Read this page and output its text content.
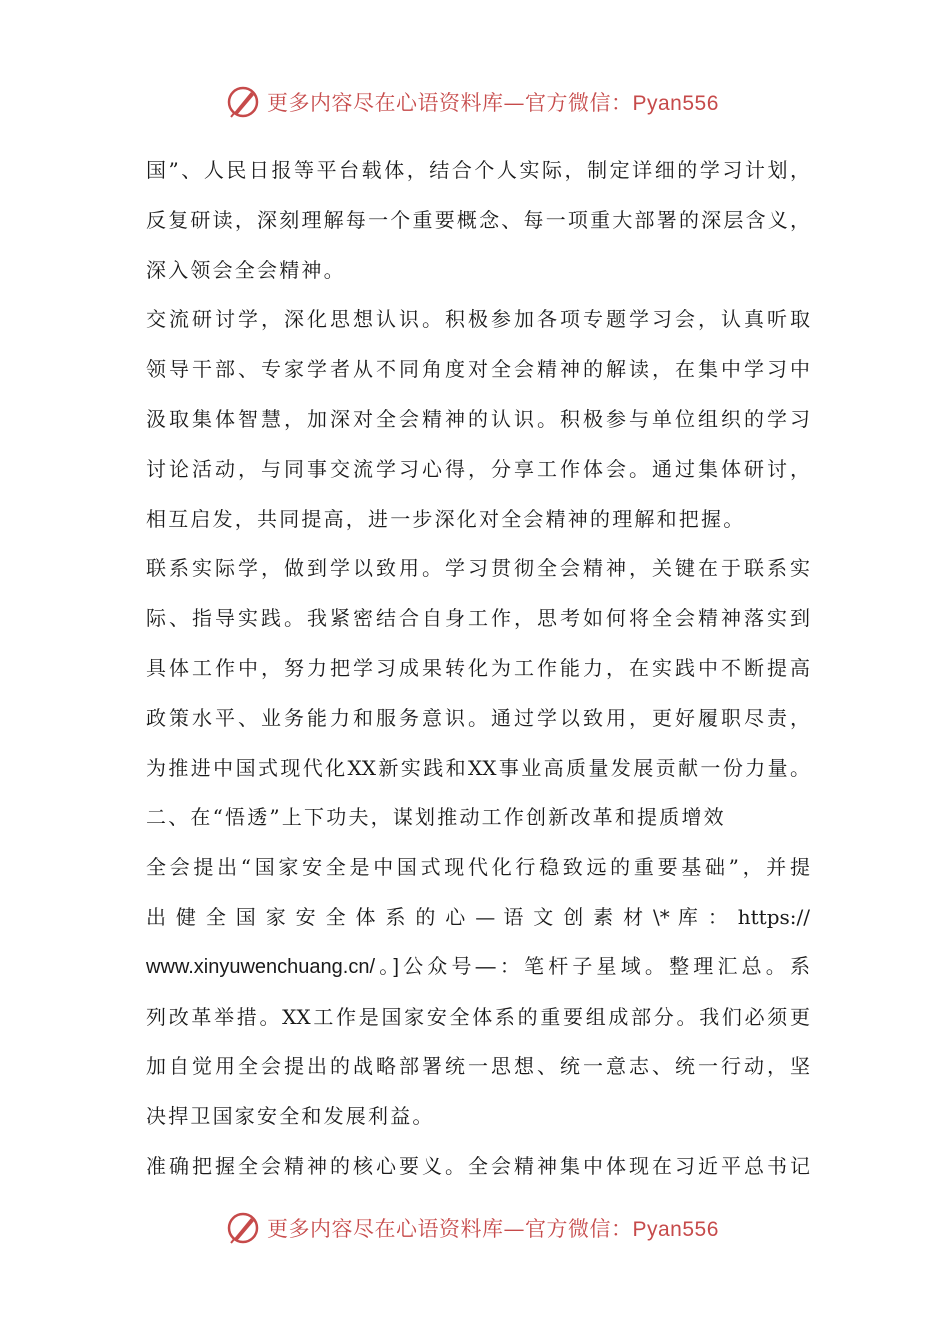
更多内容尽在心语资料库—官方微信：Pyan556
国”、人民日报等平台载体，结合个人实际，制定详细的学习计划，
反复研读，深刻理解每一个重要概念、每一项重大部署的深层含义，
深入领会全会精神。
交流研讨学，深化思想认识。积极参加各项专题学习会，认真听取
领导干部、专家学者从不同角度对全会精神的解读，在集中学习中
汲取集体智慧，加深对全会精神的认识。积极参与单位组织的学习
讨论活动，与同事交流学习心得，分享工作体会。通过集体研讨，
相互启发，共同提高，进一步深化对全会精神的理解和把握。
联系实际学，做到学以致用。学习贯彻全会精神，关键在于联系实
际、指导实践。我紧密结合自身工作，思考如何将全会精神落实到
具体工作中，努力把学习成果转化为工作能力，在实践中不断提高
政策水平、业务能力和服务意识。通过学以致用，更好履职尽责，
为推进中国式现代化XX新实践和XX事业高质量发展贡献一份力量。
二、在“悟透”上下功夫，谋划推动工作创新改革和提质增效
全会提出“国家安全是中国式现代化行稳致远的重要基础”，并提
出 健 全 国 家 安 全 体 系 的 心 — 语 文 创 素 材 \* 库 ： https://
www.xinyuwenchuang.cn/。]公众号—：笔杆子星域。整理汇总。系
列改革举措。XX工作是国家安全体系的重要组成部分。我们必须更
加自觉用全会提出的战略部署统一思想、统一意志、统一行动，坚
决捍卫国家安全和发展利益。
准确把握全会精神的核心要义。全会精神集中体现在习近平总书记
更多内容尽在心语资料库—官方微信：Pyan556
